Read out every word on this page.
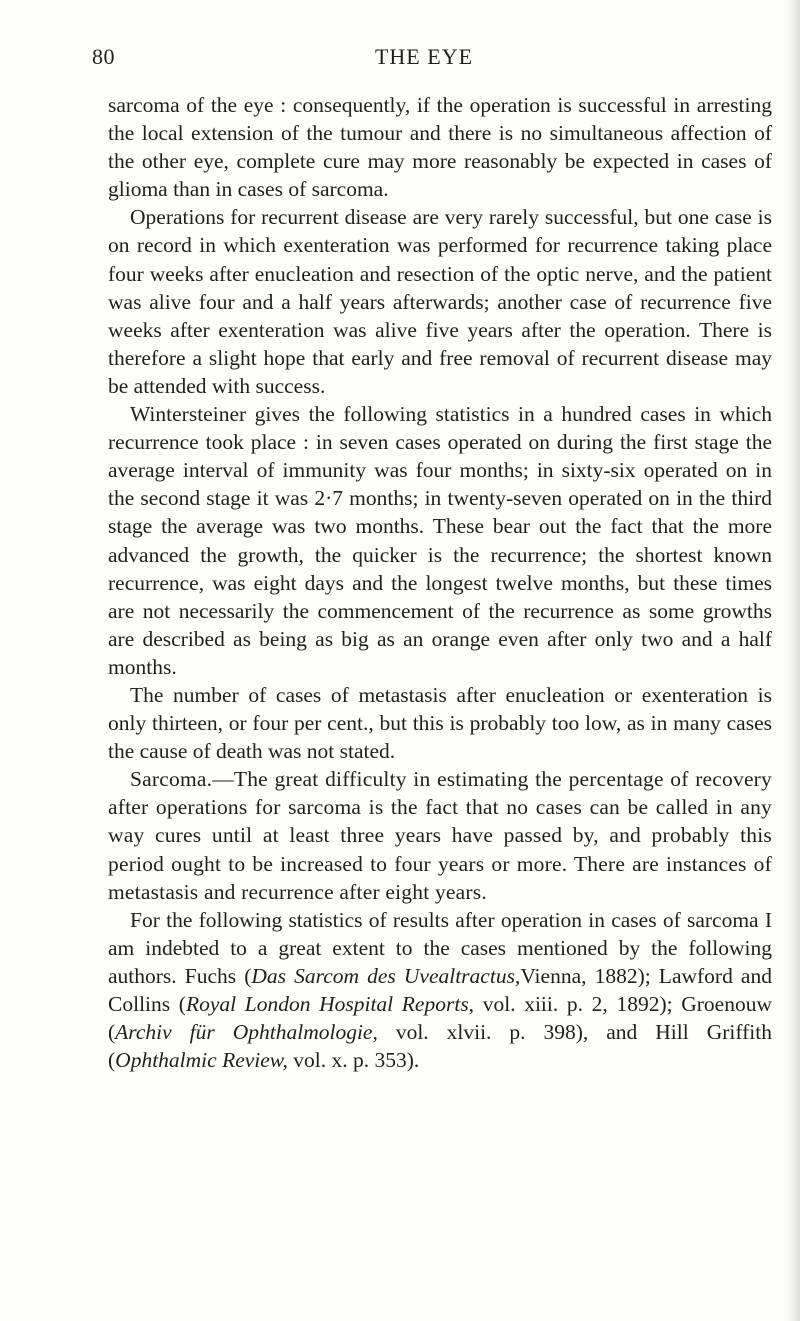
80	THE EYE

sarcoma of the eye : consequently, if the operation is successful in arresting the local extension of the tumour and there is no simultaneous affection of the other eye, complete cure may more reasonably be expected in cases of glioma than in cases of sarcoma.

Operations for recurrent disease are very rarely successful, but one case is on record in which exenteration was performed for recurrence taking place four weeks after enucleation and resection of the optic nerve, and the patient was alive four and a half years afterwards; another case of recurrence five weeks after exenteration was alive five years after the operation. There is therefore a slight hope that early and free removal of recurrent disease may be attended with success.

Wintersteiner gives the following statistics in a hundred cases in which recurrence took place : in seven cases operated on during the first stage the average interval of immunity was four months; in sixty-six operated on in the second stage it was 2·7 months; in twenty-seven operated on in the third stage the average was two months. These bear out the fact that the more advanced the growth, the quicker is the recurrence; the shortest known recurrence, was eight days and the longest twelve months, but these times are not necessarily the commencement of the recurrence as some growths are described as being as big as an orange even after only two and a half months.

The number of cases of metastasis after enucleation or exenteration is only thirteen, or four per cent., but this is probably too low, as in many cases the cause of death was not stated.

Sarcoma.—The great difficulty in estimating the percentage of recovery after operations for sarcoma is the fact that no cases can be called in any way cures until at least three years have passed by, and probably this period ought to be increased to four years or more. There are instances of metastasis and recurrence after eight years.

For the following statistics of results after operation in cases of sarcoma I am indebted to a great extent to the cases mentioned by the following authors. Fuchs (Das Sarcom des Uvealtractus,Vienna, 1882); Lawford and Collins (Royal London Hospital Reports, vol. xiii. p. 2, 1892); Groenouw (Archiv für Ophthalmologie, vol. xlvii. p. 398), and Hill Griffith (Ophthalmic Review, vol. x. p. 353).
